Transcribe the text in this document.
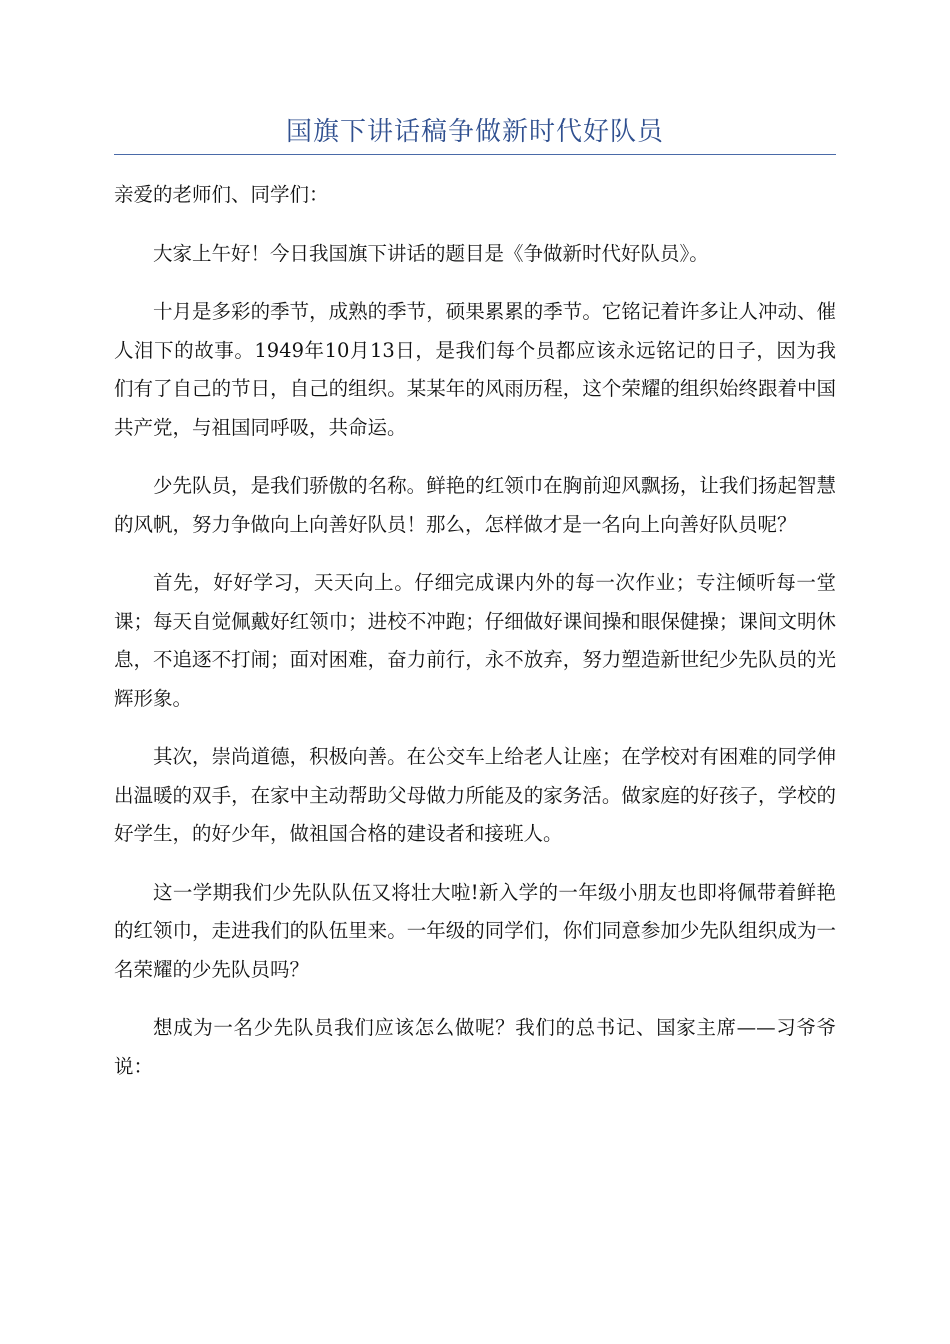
国旗下讲话稿争做新时代好队员

亲爱的老师们、同学们：

大家上午好！今日我国旗下讲话的题目是《争做新时代好队员》。

十月是多彩的季节，成熟的季节，硕果累累的季节。它铭记着许多让人冲动、催人泪下的故事。1949年10月13日，是我们每个员都应该永远铭记的日子，因为我们有了自己的节日，自己的组织。某某年的风雨历程，这个荣耀的组织始终跟着中国共产党，与祖国同呼吸，共命运。

少先队员，是我们骄傲的名称。鲜艳的红领巾在胸前迎风飘扬，让我们扬起智慧的风帆，努力争做向上向善好队员！那么，怎样做才是一名向上向善好队员呢？

首先，好好学习，天天向上。仔细完成课内外的每一次作业；专注倾听每一堂课；每天自觉佩戴好红领巾；进校不冲跑；仔细做好课间操和眼保健操；课间文明休息，不追逐不打闹；面对困难，奋力前行，永不放弃，努力塑造新世纪少先队员的光辉形象。

其次，崇尚道德，积极向善。在公交车上给老人让座；在学校对有困难的同学伸出温暖的双手，在家中主动帮助父母做力所能及的家务活。做家庭的好孩子，学校的好学生，的好少年，做祖国合格的建设者和接班人。

这一学期我们少先队队伍又将壮大啦!新入学的一年级小朋友也即将佩带着鲜艳的红领巾，走进我们的队伍里来。一年级的同学们，你们同意参加少先队组织成为一名荣耀的少先队员吗？

想成为一名少先队员我们应该怎么做呢？我们的总书记、国家主席——习爷爷说：
